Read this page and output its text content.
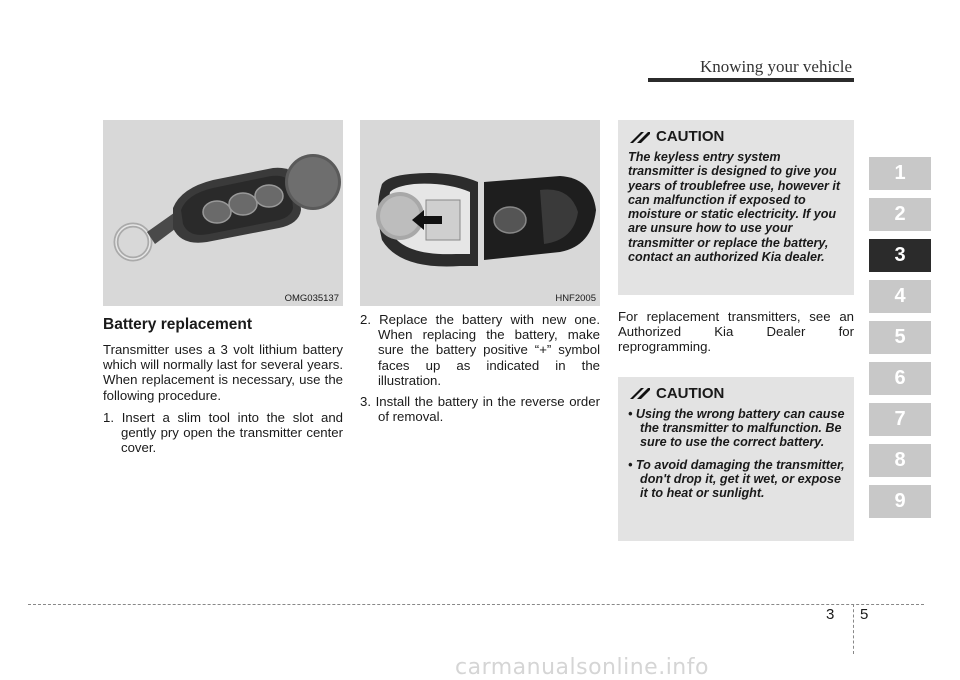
Knowing your vehicle
OMG035137
Battery replacement

Transmitter uses a 3 volt lithium battery which will normally last for several years. When replacement is necessary, use the following procedure.

1. Insert a slim tool into the slot and gently pry open the transmitter center cover.

HNF2005

2. Replace the battery with new one. When replacing the battery, make sure the battery positive “+” symbol faces up as indicated in the illustration.

3. Install the battery in the reverse order of removal.

CAUTION
The keyless entry system transmitter is designed to give you years of troublefree use, however it can malfunction if exposed to moisture or static electricity. If you are unsure how to use your transmitter or replace the battery, contact an authorized Kia dealer.

For replacement transmitters, see an Authorized Kia Dealer for reprogramming.

CAUTION
• Using the wrong battery can cause the transmitter to malfunction. Be sure to use the correct battery.
• To avoid damaging the transmitter, don't drop it, get it wet, or expose it to heat or sunlight.
1
2
3
4
5
6
7
8
9
3 5
carmanualsonline.info
